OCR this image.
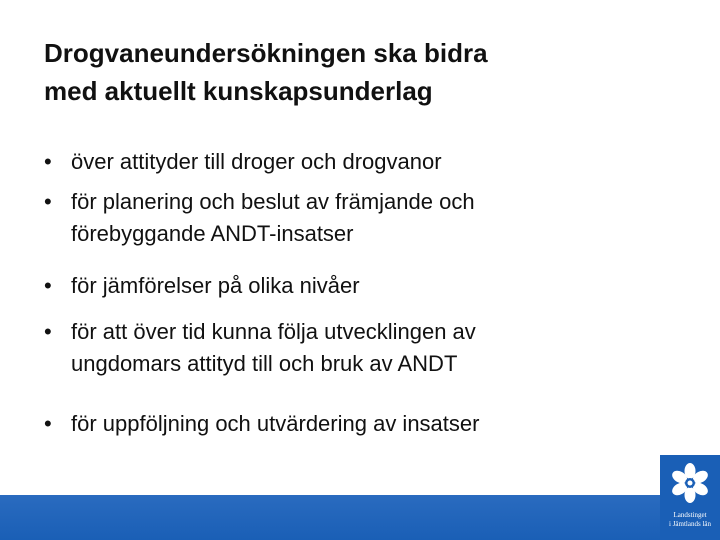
Drogvaneundersökningen ska bidra
med aktuellt kunskapsunderlag
• över attityder till droger och drogvanor
• för planering och beslut av främjande och
förebyggande ANDT-insatser
• för jämförelser på olika nivåer
• för att över tid kunna följa utvecklingen av
ungdomars attityd till och bruk av ANDT
• för uppföljning och utvärdering av insatser
Landstinget
i Jämtlands län
